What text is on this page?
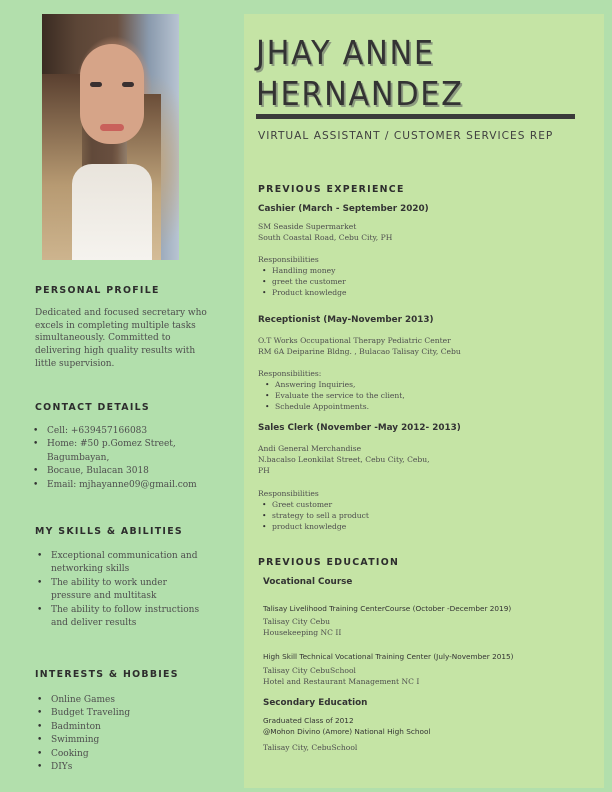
PERSONAL PROFILE
Dedicated and focused secretary who
excels in completing multiple tasks
simultaneously. Committed to
delivering high quality results with
little supervision.
CONTACT DETAILS
• Cell: +639457166083
• Home: #50 p.Gomez Street,
Bagumbayan,
• Bocaue, Bulacan 3018
• Email: mjhayanne09@gmail.com
MY SKILLS & ABILITIES
• Exceptional communication and
networking skills
• The ability to work under
pressure and multitask
• The ability to follow instructions
and deliver results
INTERESTS & HOBBIES
• Online Games
• Budget Traveling
• Badminton
• Swimming
• Cooking
• DIYs
JHAY ANNE
HERNANDEZ

VIRTUAL ASSISTANT / CUSTOMER SERVICES REP

PREVIOUS EXPERIENCE
Cashier (March - September 2020)
SM Seaside Supermarket
South Coastal Road, Cebu City, PH
Responsibilities
• Handling money
• greet the customer
• Product knowledge
Receptionist (May-November 2013)
O.T Works Occupational Therapy Pediatric Center
RM 6A Deiparine Bldng. , Bulacao Talisay City, Cebu
Responsibilities:
• Answering Inquiries,
• Evaluate the service to the client,
• Schedule Appointments.
Sales Clerk (November -May 2012- 2013)
Andi General Merchandise
N.bacalso Leonkilat Street, Cebu City, Cebu,
PH
Responsibilities
• Greet customer
• strategy to sell a product
• product knowledge
PREVIOUS EDUCATION
Vocational Course
Talisay Livelihood Training CenterCourse (October -December 2019)
Talisay City Cebu
Housekeeping NC II
High Skill Technical Vocational Training Center (July-November 2015)
Talisay City CebuSchool
Hotel and Restaurant Management NC I
Secondary Education
Graduated Class of 2012
@Mohon Divino (Amore) National High School
Talisay City, CebuSchool
